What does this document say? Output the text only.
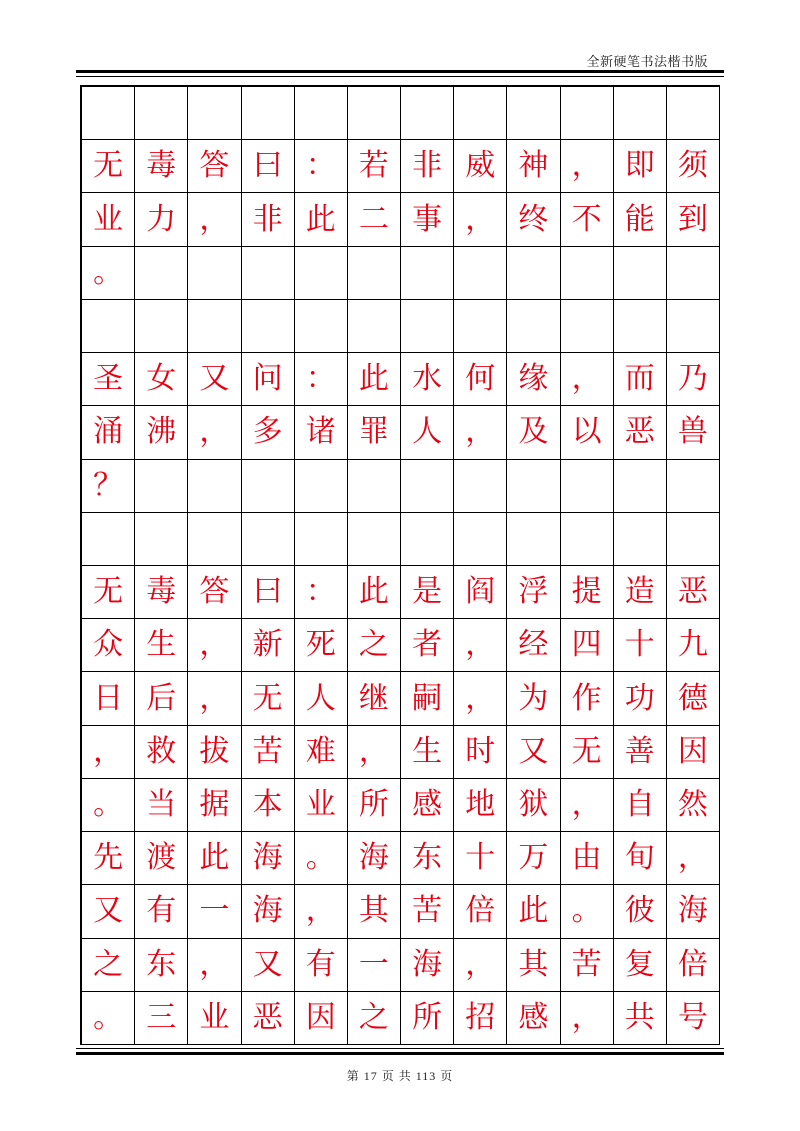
全新硬笔书法楷书版
无 毒 答 曰 ： 若 非 威 神 ， 即 须
业 力 ， 非 此 二 事 ， 终 不 能 到
。
圣 女 又 问 ： 此 水 何 缘 ， 而 乃
涌 沸 ， 多 诸 罪 人 ， 及 以 恶 兽
？
无 毒 答 曰 ： 此 是 阎 浮 提 造 恶
众 生 ， 新 死 之 者 ， 经 四 十 九
日 后 ， 无 人 继 嗣 ， 为 作 功 德
， 救 拔 苦 难 ， 生 时 又 无 善 因
。 当 据 本 业 所 感 地 狱 ， 自 然
先 渡 此 海 。 海 东 十 万 由 旬 ，
又 有 一 海 ， 其 苦 倍 此 。 彼 海
之 东 ， 又 有 一 海 ， 其 苦 复 倍
。 三 业 恶 因 之 所 招 感 ， 共 号
第 17 页 共 113 页
